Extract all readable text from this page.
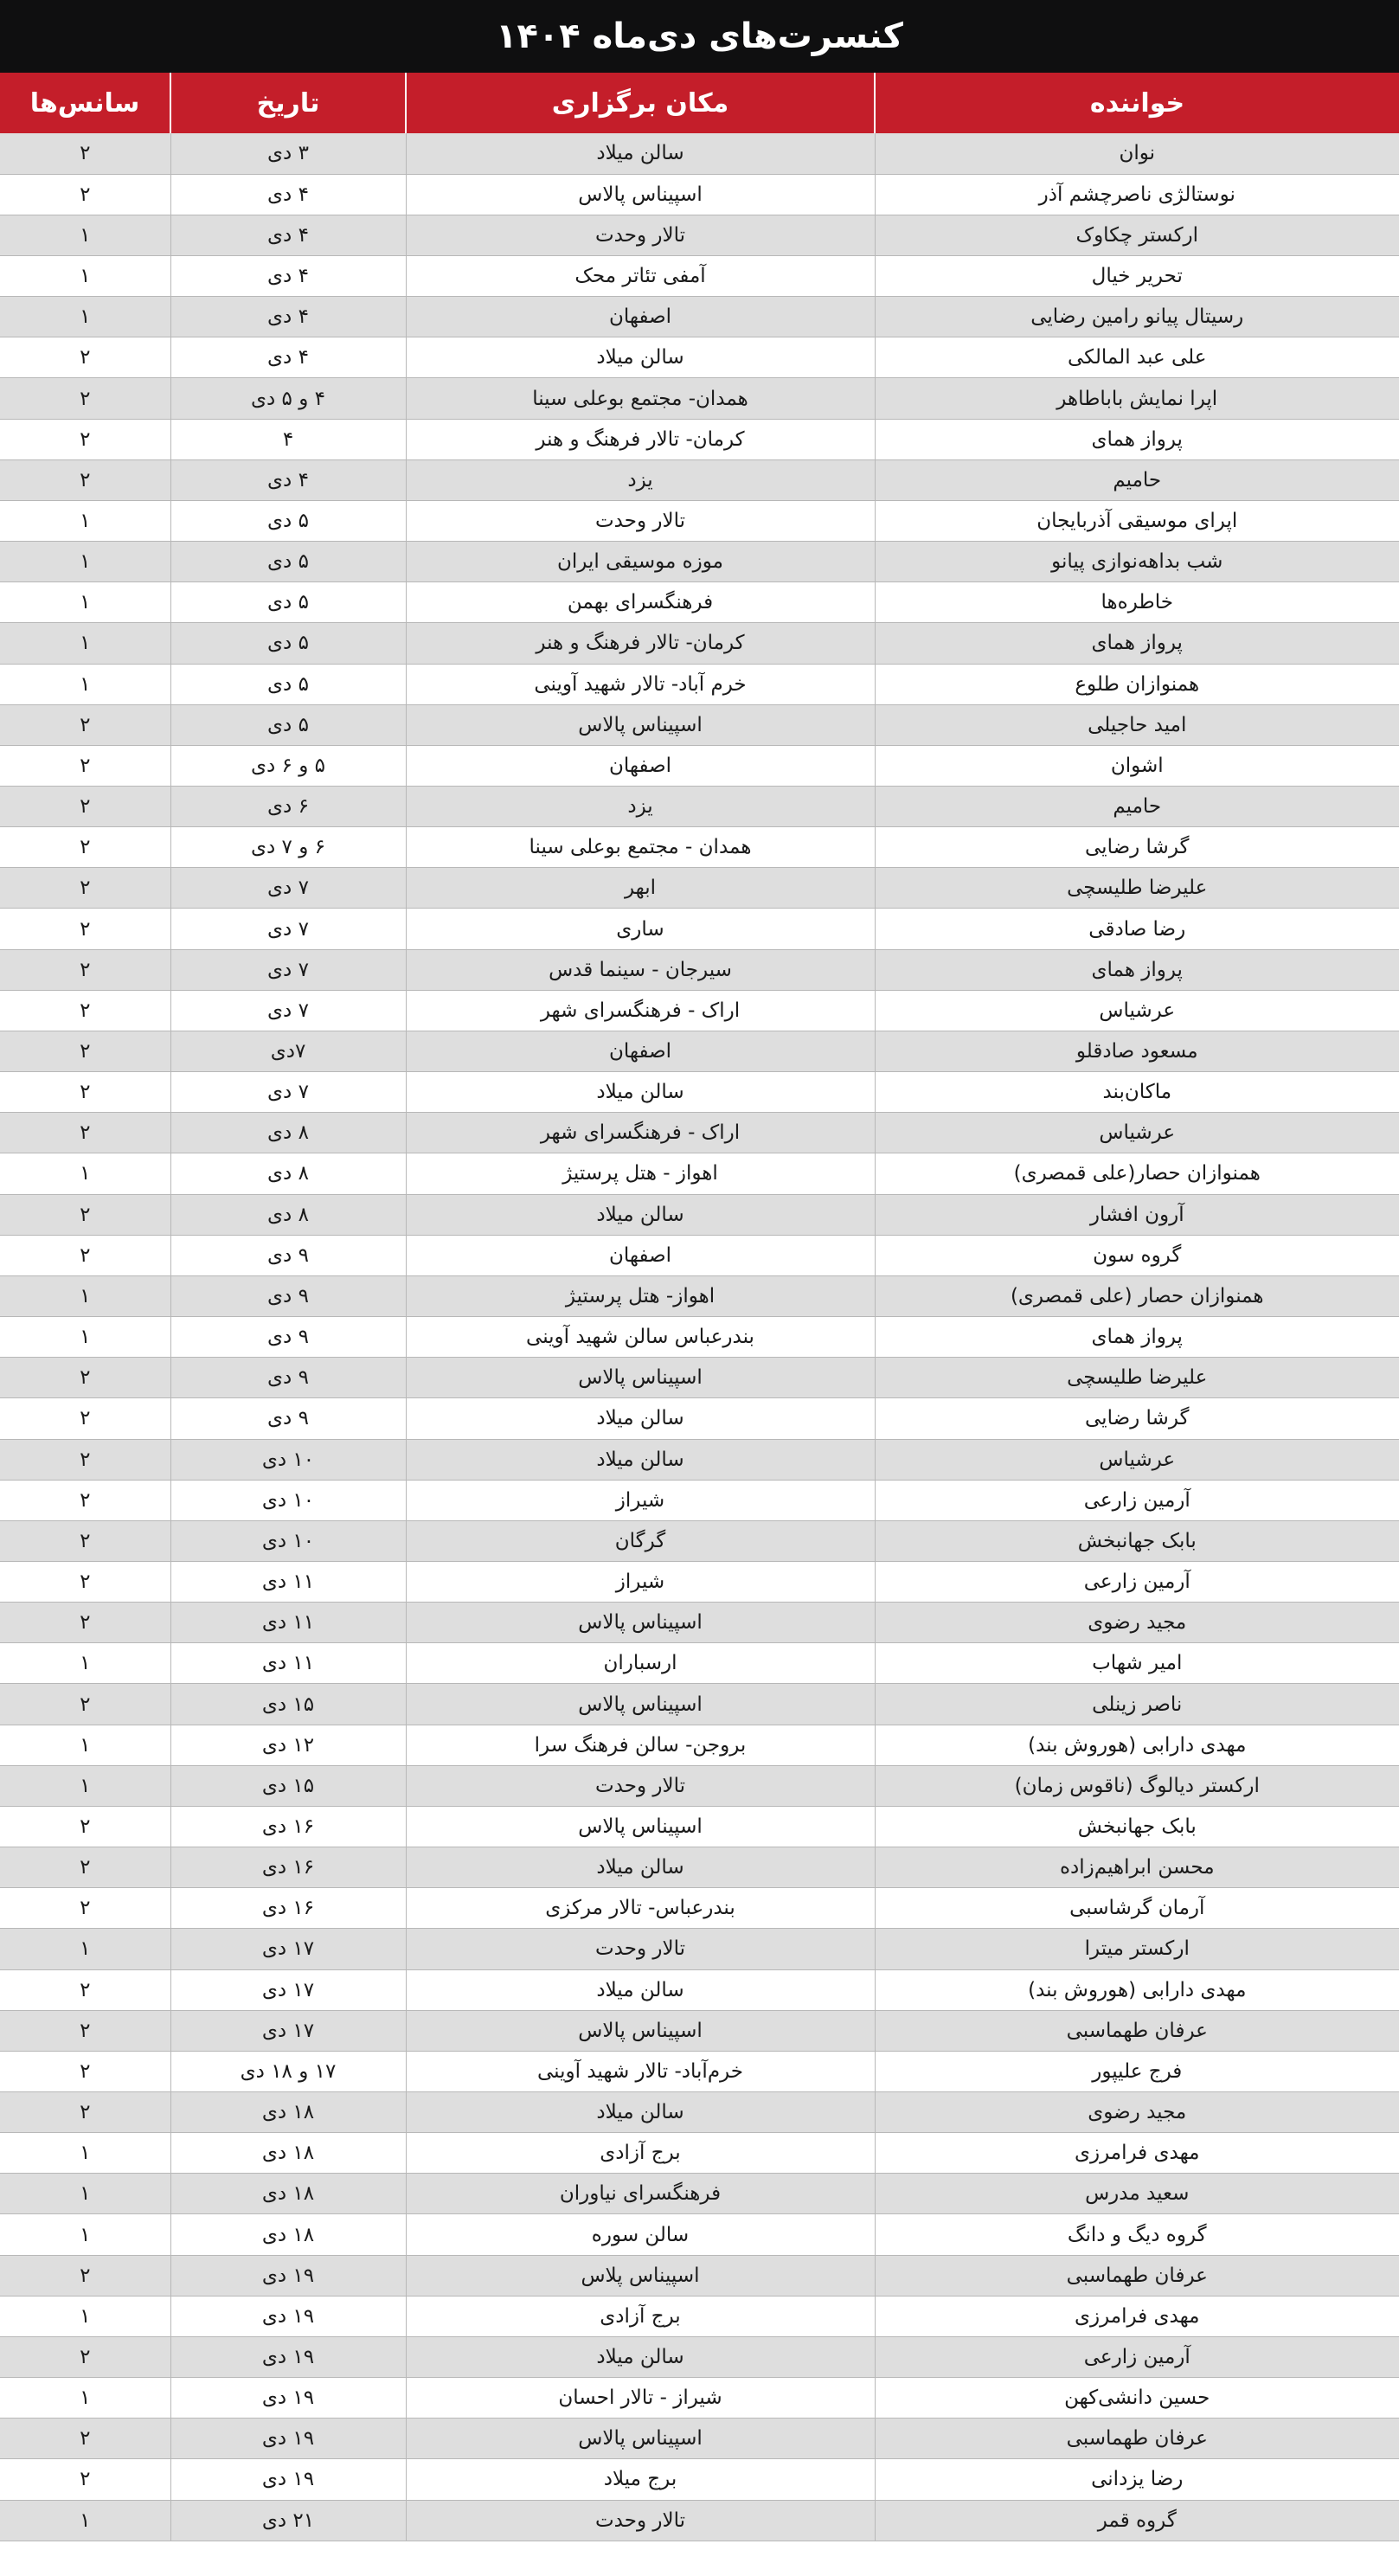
کنسرت‌های دی‌ماه ۱۴۰۴
خواننده	مکان برگزاری	تاریخ	سانس‌ها
نوان	سالن میلاد	۳ دی	۲
نوستالژی ناصرچشم آذر	اسپیناس پالاس	۴ دی	۲
ارکستر چکاوک	تالار وحدت	۴ دی	۱
تحریر خیال	آمفی تئاتر محک	۴ دی	۱
رسیتال پیانو رامین رضایی	اصفهان	۴ دی	۱
علی عبد المالکی	سالن میلاد	۴ دی	۲
اپرا نمایش باباطاهر	همدان- مجتمع بوعلی سینا	۴ و ۵ دی	۲
پرواز همای	کرمان- تالار فرهنگ و هنر	۴	۲
حامیم	یزد	۴ دی	۲
اپرای موسیقی آذربایجان	تالار وحدت	۵ دی	۱
شب بداهه‌نوازی پیانو	موزه موسیقی ایران	۵ دی	۱
خاطره‌ها	فرهنگسرای بهمن	۵ دی	۱
پرواز همای	کرمان- تالار فرهنگ و هنر	۵ دی	۱
همنوازان طلوع	خرم آباد- تالار شهید آوینی	۵ دی	۱
امید حاجیلی	اسپیناس پالاس	۵ دی	۲
اشوان	اصفهان	۵ و ۶ دی	۲
حامیم	یزد	۶ دی	۲
گرشا رضایی	همدان - مجتمع بوعلی سینا	۶ و ۷ دی	۲
علیرضا طلیسچی	ابهر	۷ دی	۲
رضا صادقی	ساری	۷ دی	۲
پرواز همای	سیرجان - سینما قدس	۷ دی	۲
عرشیاس	اراک - فرهنگسرای شهر	۷ دی	۲
مسعود صادقلو	اصفهان	۷دی	۲
ماکان‌بند	سالن میلاد	۷ دی	۲
عرشیاس	اراک - فرهنگسرای شهر	۸ دی	۲
همنوازان حصار(علی قمصری)	اهواز - هتل پرستیژ	۸ دی	۱
آرون افشار	سالن میلاد	۸ دی	۲
گروه سون	اصفهان	۹ دی	۲
همنوازان حصار (علی قمصری)	اهواز- هتل پرستیژ	۹ دی	۱
پرواز همای	بندرعباس سالن شهید آوینی	۹ دی	۱
علیرضا طلیسچی	اسپیناس پالاس	۹ دی	۲
گرشا رضایی	سالن میلاد	۹ دی	۲
عرشیاس	سالن میلاد	۱۰ دی	۲
آرمین زارعی	شیراز	۱۰ دی	۲
بابک جهانبخش	گرگان	۱۰ دی	۲
آرمین زارعی	شیراز	۱۱ دی	۲
مجید رضوی	اسپیناس پالاس	۱۱ دی	۲
امیر شهاب	ارسباران	۱۱ دی	۱
ناصر زینلی	اسپیناس پالاس	۱۵ دی	۲
مهدی دارابی (هوروش بند)	بروجن- سالن فرهنگ سرا	۱۲ دی	۱
ارکستر دیالوگ (ناقوس زمان)	تالار وحدت	۱۵ دی	۱
بابک جهانبخش	اسپیناس پالاس	۱۶ دی	۲
محسن ابراهیم‌زاده	سالن میلاد	۱۶ دی	۲
آرمان گرشاسبی	بندرعباس- تالار مرکزی	۱۶ دی	۲
ارکستر میترا	تالار وحدت	۱۷ دی	۱
مهدی دارابی (هوروش بند)	سالن میلاد	۱۷ دی	۲
عرفان طهماسبی	اسپیناس پالاس	۱۷ دی	۲
فرج علیپور	خرم‌آباد- تالار شهید آوینی	۱۷ و ۱۸ دی	۲
مجید رضوی	سالن میلاد	۱۸ دی	۲
مهدی فرامرزی	برج آزادی	۱۸ دی	۱
سعید مدرس	فرهنگسرای نیاوران	۱۸ دی	۱
گروه دیگ و دانگ	سالن سوره	۱۸ دی	۱
عرفان طهماسبی	اسپیناس پلاس	۱۹ دی	۲
مهدی فرامرزی	برج آزادی	۱۹ دی	۱
آرمین زارعی	سالن میلاد	۱۹ دی	۲
حسین دانشی‌کهن	شیراز - تالار احسان	۱۹ دی	۱
عرفان طهماسبی	اسپیناس پالاس	۱۹ دی	۲
رضا یزدانی	برج میلاد	۱۹ دی	۲
گروه قمر	تالار وحدت	۲۱ دی	۱
